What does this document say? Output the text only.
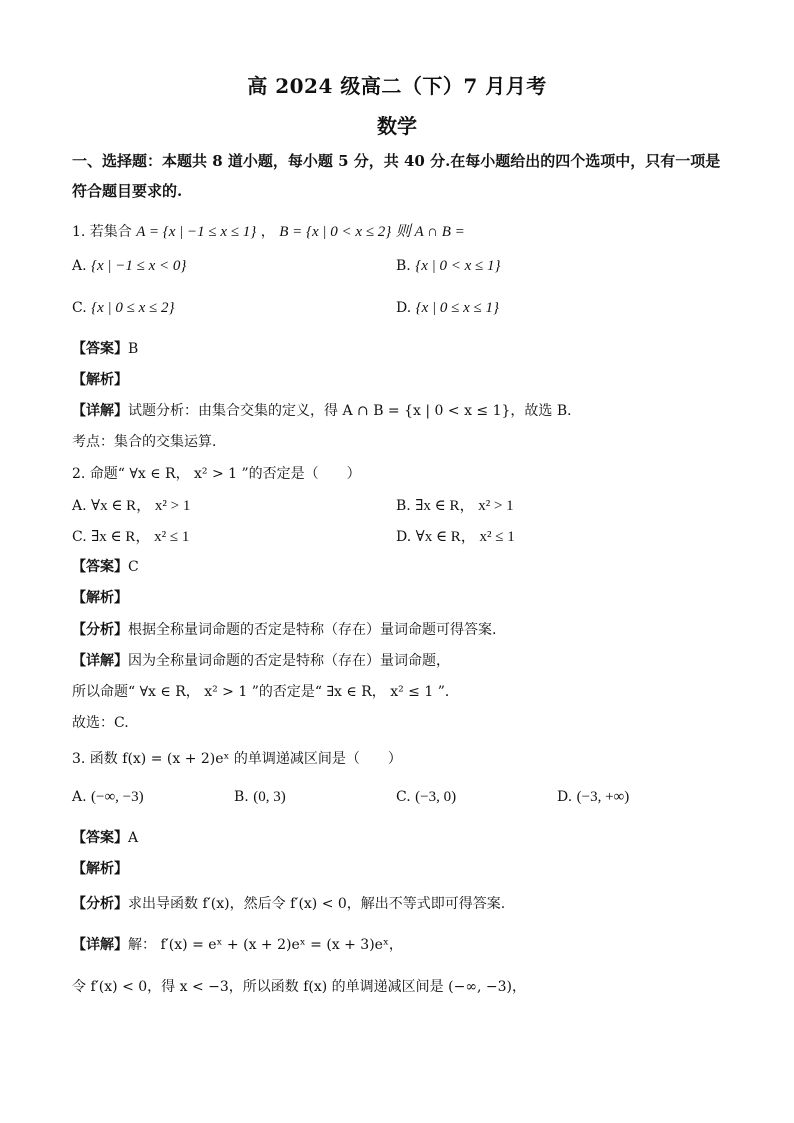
高 2024 级高二（下）7 月月考
数学
一、选择题：本题共 8 道小题，每小题 5 分，共 40 分.在每小题给出的四个选项中，只有一项是符合题目要求的.
1. 若集合 A = {x | −1 ≤ x ≤ 1} ， B = {x | 0 < x ≤ 2} 则 A ∩ B =
A. {x | −1 ≤ x < 0}	B. {x | 0 < x ≤ 1}
C. {x | 0 ≤ x ≤ 2}	D. {x | 0 ≤ x ≤ 1}
【答案】B
【解析】
【详解】试题分析：由集合交集的定义，得 A ∩ B = {x | 0 < x ≤ 1}，故选 B．
考点：集合的交集运算．
2. 命题“ ∀x ∈ R， x² > 1 ”的否定是（　　）
A. ∀x ∈ R， x² > 1	B. ∃x ∈ R， x² > 1
C. ∃x ∈ R， x² ≤ 1	D. ∀x ∈ R， x² ≤ 1
【答案】C
【解析】
【分析】根据全称量词命题的否定是特称（存在）量词命题可得答案.
【详解】因为全称量词命题的否定是特称（存在）量词命题，
所以命题“ ∀x ∈ R， x² > 1 ”的否定是“ ∃x ∈ R， x² ≤ 1 ”．
故选：C.
3. 函数 f(x) = (x + 2)eˣ 的单调递减区间是（　　）
A. (−∞, −3)	B. (0, 3)	C. (−3, 0)	D. (−3, +∞)
【答案】A
【解析】
【分析】求出导函数 f′(x)，然后令 f′(x) < 0，解出不等式即可得答案.
【详解】解： f′(x) = eˣ + (x + 2)eˣ = (x + 3)eˣ，
令 f′(x) < 0，得 x < −3，所以函数 f(x) 的单调递减区间是 (−∞, −3)，
